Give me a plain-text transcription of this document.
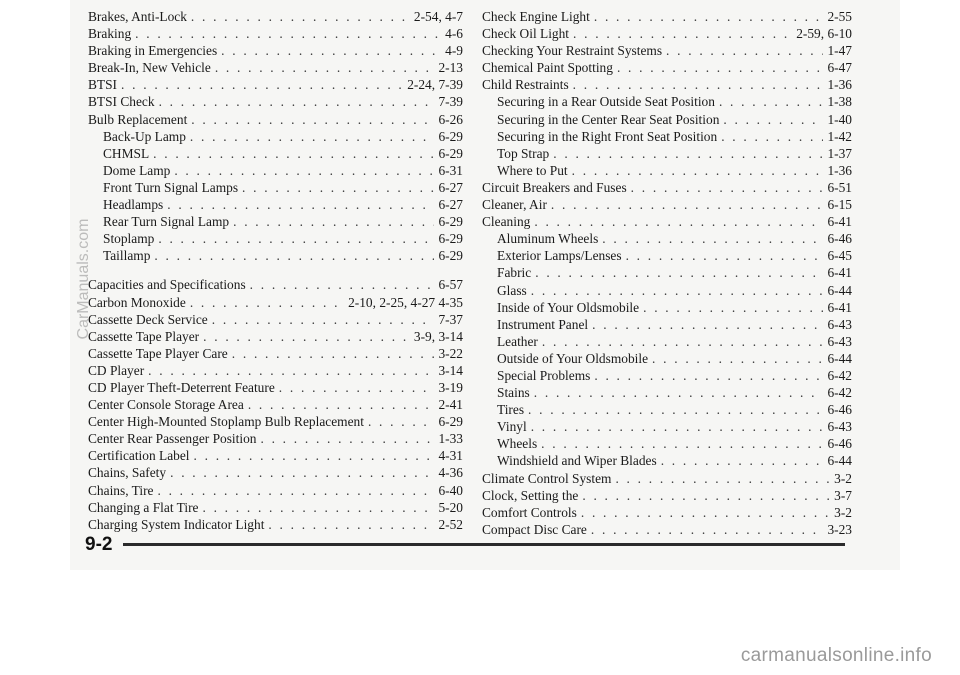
Brakes, Anti-Lock . . .	2-54, 4-7
Braking . . .	4-6
Braking in Emergencies . . .	4-9
Break-In, New Vehicle . . .	2-13
BTSI . . .	2-24, 7-39
BTSI Check . . .	7-39
Bulb Replacement . . .	6-26
Back-Up Lamp . . .	6-29
CHMSL . . .	6-29
Dome Lamp . . .	6-31
Front Turn Signal Lamps . . .	6-27
Headlamps . . .	6-27
Rear Turn Signal Lamp . . .	6-29
Stoplamp . . .	6-29
Taillamp . . .	6-29
Capacities and Specifications . . .	6-57
Carbon Monoxide . . .	2-10, 2-25, 4-27 4-35
Cassette Deck Service . . .	7-37
Cassette Tape Player . . .	3-9, 3-14
Cassette Tape Player Care . . .	3-22
CD Player . . .	3-14
CD Player Theft-Deterrent Feature . . .	3-19
Center Console Storage Area . . .	2-41
Center High-Mounted Stoplamp Bulb Replacement . . .	6-29
Center Rear Passenger Position . . .	1-33
Certification Label . . .	4-31
Chains, Safety . . .	4-36
Chains, Tire . . .	6-40
Changing a Flat Tire . . .	5-20
Charging System Indicator Light . . .	2-52
Check Engine Light . . .	2-55
Check Oil Light . . .	2-59, 6-10
Checking Your Restraint Systems . . .	1-47
Chemical Paint Spotting . . .	6-47
Child Restraints . . .	1-36
Securing in a Rear Outside Seat Position . . .	1-38
Securing in the Center Rear Seat Position . . .	1-40
Securing in the Right Front Seat Position . . .	1-42
Top Strap . . .	1-37
Where to Put . . .	1-36
Circuit Breakers and Fuses . . .	6-51
Cleaner, Air . . .	6-15
Cleaning . . .	6-41
Aluminum Wheels . . .	6-46
Exterior Lamps/Lenses . . .	6-45
Fabric . . .	6-41
Glass . . .	6-44
Inside of Your Oldsmobile . . .	6-41
Instrument Panel . . .	6-43
Leather . . .	6-43
Outside of Your Oldsmobile . . .	6-44
Special Problems . . .	6-42
Stains . . .	6-42
Tires . . .	6-46
Vinyl . . .	6-43
Wheels . . .	6-46
Windshield and Wiper Blades . . .	6-44
Climate Control System . . .	3-2
Clock, Setting the . . .	3-7
Comfort Controls . . .	3-2
Compact Disc Care . . .	3-23
9-2
CarManuals.com
carmanualsonline.info
